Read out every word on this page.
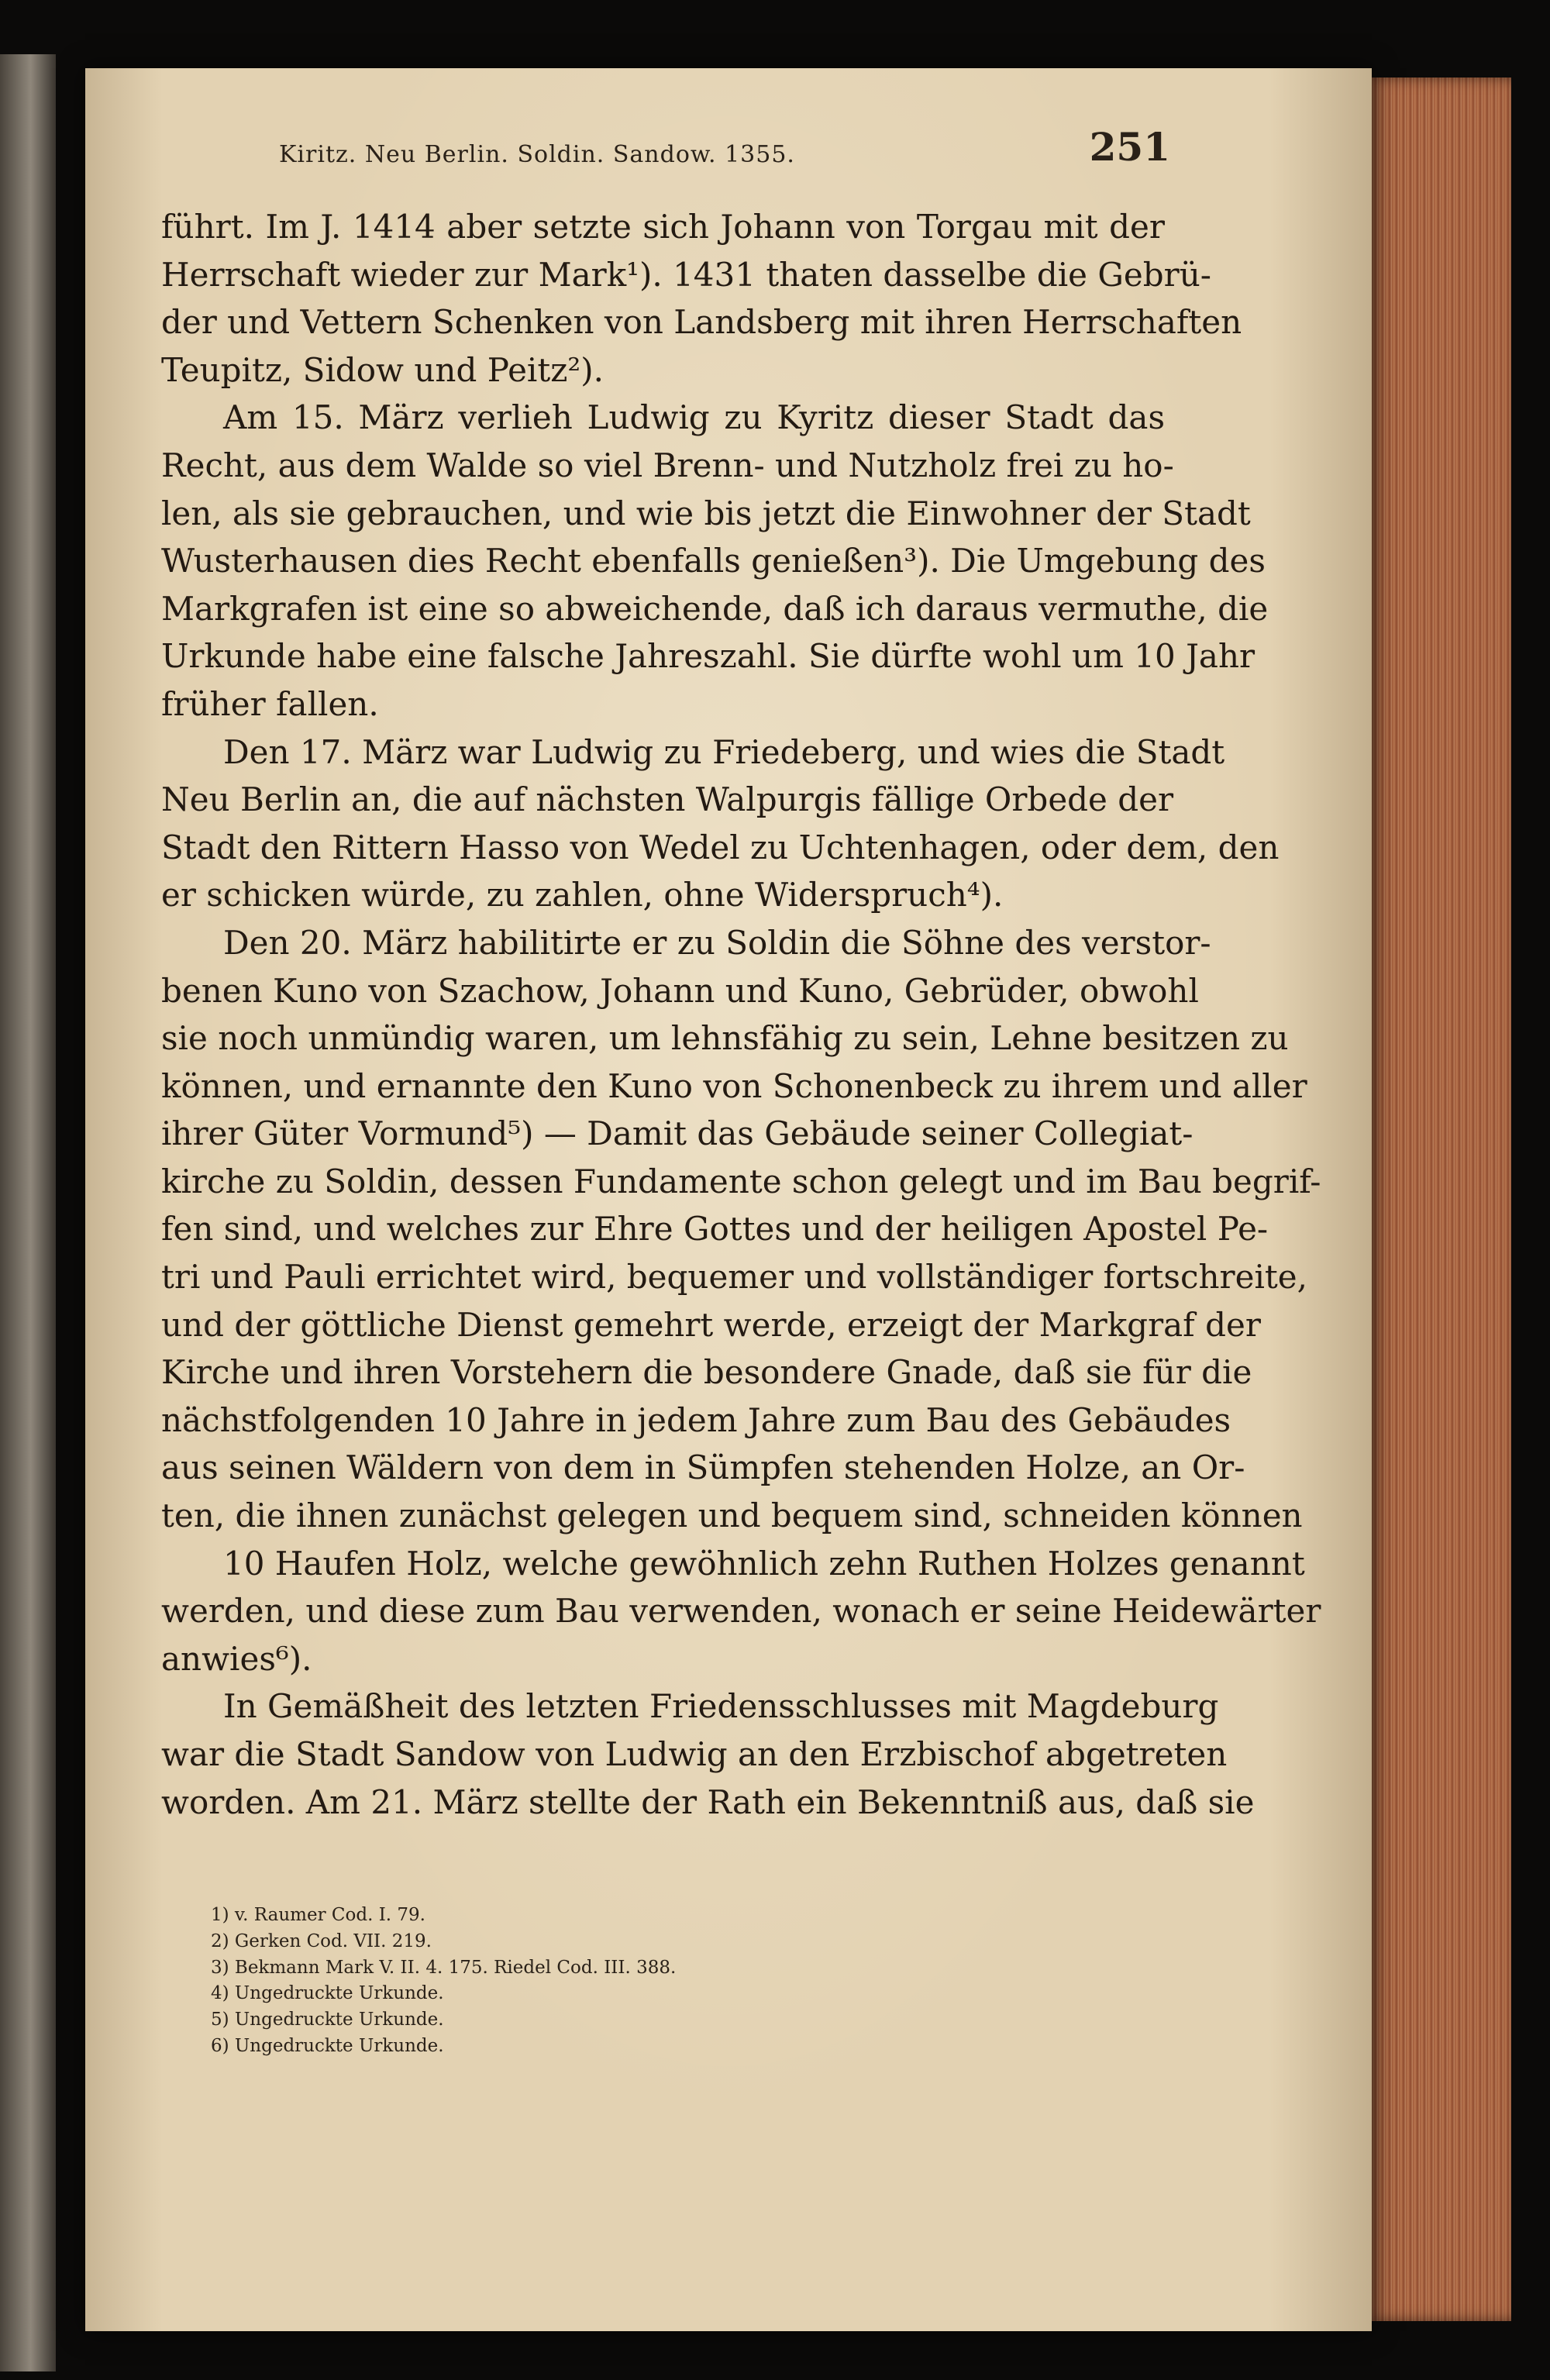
Kiritz. Neu Berlin. Soldin. Sandow. 1355.	251
führt. Im J. 1414 aber setzte sich Johann von Torgau mit der
Herrschaft wieder zur Mark¹). 1431 thaten dasselbe die Gebrü-
der und Vettern Schenken von Landsberg mit ihren Herrschaften
Teupitz, Sidow und Peitz²).
Am 15. März verlieh Ludwig zu Kyritz dieser Stadt das
Recht, aus dem Walde so viel Brenn- und Nutzholz frei zu ho-
len, als sie gebrauchen, und wie bis jetzt die Einwohner der Stadt
Wusterhausen dies Recht ebenfalls genießen³). Die Umgebung des
Markgrafen ist eine so abweichende, daß ich daraus vermuthe, die
Urkunde habe eine falsche Jahreszahl. Sie dürfte wohl um 10 Jahr
früher fallen.
Den 17. März war Ludwig zu Friedeberg, und wies die Stadt
Neu Berlin an, die auf nächsten Walpurgis fällige Orbede der
Stadt den Rittern Hasso von Wedel zu Uchtenhagen, oder dem, den
er schicken würde, zu zahlen, ohne Widerspruch⁴).
Den 20. März habilitirte er zu Soldin die Söhne des verstor-
benen Kuno von Szachow, Johann und Kuno, Gebrüder, obwohl
sie noch unmündig waren, um lehnsfähig zu sein, Lehne besitzen zu
können, und ernannte den Kuno von Schonenbeck zu ihrem und aller
ihrer Güter Vormund⁵) — Damit das Gebäude seiner Collegiat-
kirche zu Soldin, dessen Fundamente schon gelegt und im Bau begrif-
fen sind, und welches zur Ehre Gottes und der heiligen Apostel Pe-
tri und Pauli errichtet wird, bequemer und vollständiger fortschreite,
und der göttliche Dienst gemehrt werde, erzeigt der Markgraf der
Kirche und ihren Vorstehern die besondere Gnade, daß sie für die
nächstfolgenden 10 Jahre in jedem Jahre zum Bau des Gebäudes
aus seinen Wäldern von dem in Sümpfen stehenden Holze, an Or-
ten, die ihnen zunächst gelegen und bequem sind, schneiden können
10 Haufen Holz, welche gewöhnlich zehn Ruthen Holzes genannt
werden, und diese zum Bau verwenden, wonach er seine Heidewärter
anwies⁶).
In Gemäßheit des letzten Friedensschlusses mit Magdeburg
war die Stadt Sandow von Ludwig an den Erzbischof abgetreten
worden. Am 21. März stellte der Rath ein Bekenntniß aus, daß sie
1) v. Raumer Cod. I. 79.
2) Gerken Cod. VII. 219.
3) Bekmann Mark V. II. 4. 175. Riedel Cod. III. 388.
4) Ungedruckte Urkunde.
5) Ungedruckte Urkunde.
6) Ungedruckte Urkunde.
